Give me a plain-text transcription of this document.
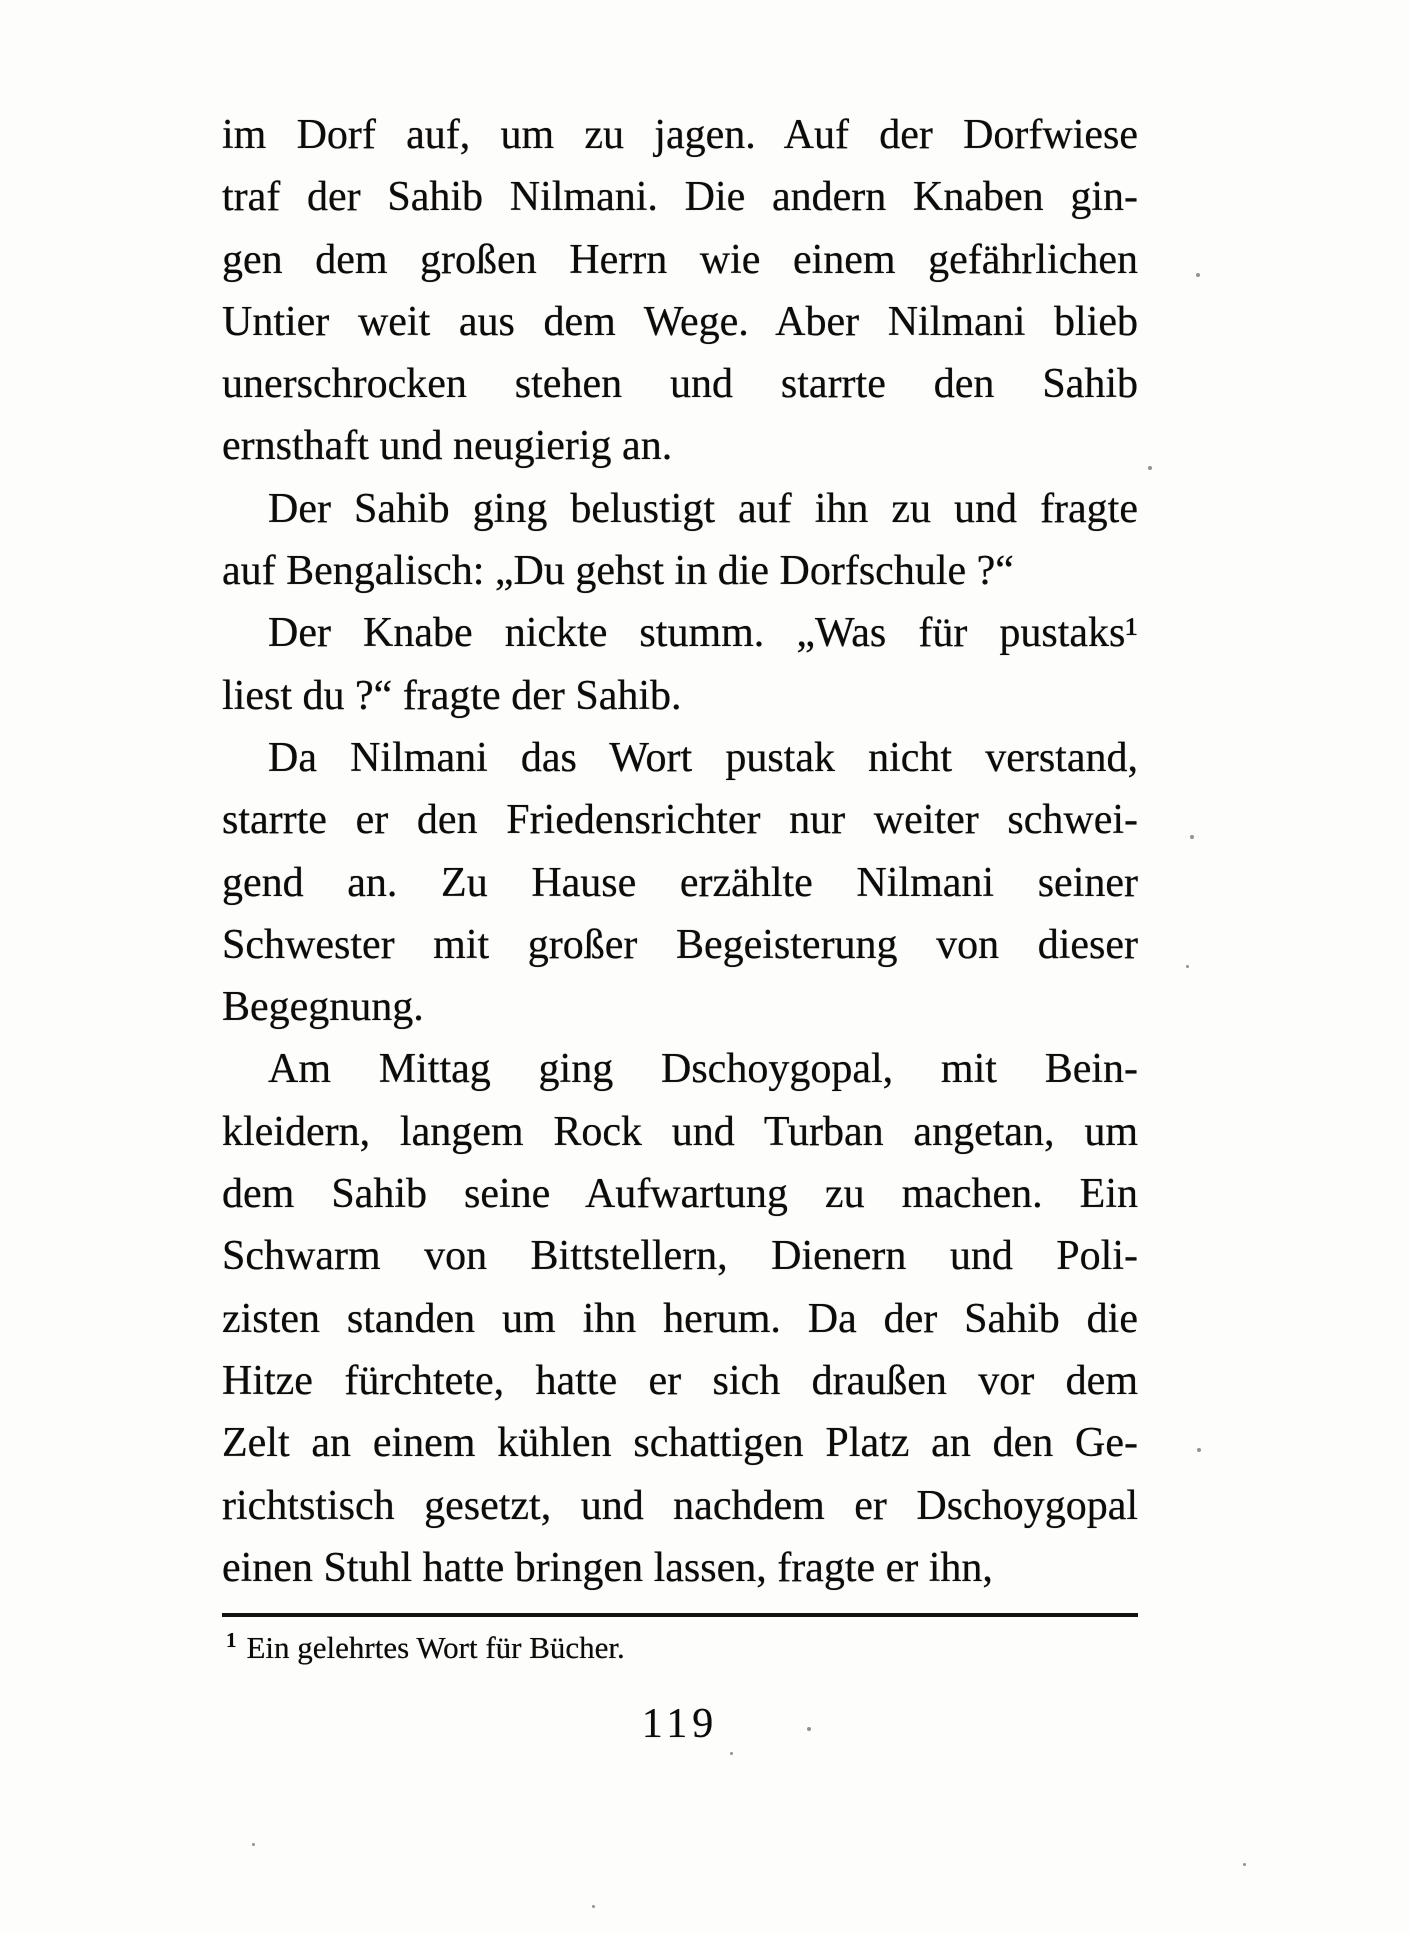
im Dorf auf, um zu jagen. Auf der Dorfwiese
traf der Sahib Nilmani. Die andern Knaben gin-
gen dem großen Herrn wie einem gefährlichen
Untier weit aus dem Wege. Aber Nilmani blieb
unerschrocken stehen und starrte den Sahib
ernsthaft und neugierig an.
Der Sahib ging belustigt auf ihn zu und fragte
auf Bengalisch: „Du gehst in die Dorfschule ?“
Der Knabe nickte stumm. „Was für pustaks¹
liest du ?“ fragte der Sahib.
Da Nilmani das Wort pustak nicht verstand,
starrte er den Friedensrichter nur weiter schwei-
gend an. Zu Hause erzählte Nilmani seiner
Schwester mit großer Begeisterung von dieser
Begegnung.
Am Mittag ging Dschoygopal, mit Bein-
kleidern, langem Rock und Turban angetan, um
dem Sahib seine Aufwartung zu machen. Ein
Schwarm von Bittstellern, Dienern und Poli-
zisten standen um ihn herum. Da der Sahib die
Hitze fürchtete, hatte er sich draußen vor dem
Zelt an einem kühlen schattigen Platz an den Ge-
richtstisch gesetzt, und nachdem er Dschoygopal
einen Stuhl hatte bringen lassen, fragte er ihn,
$^1$ Ein gelehrtes Wort für Bücher.
119
